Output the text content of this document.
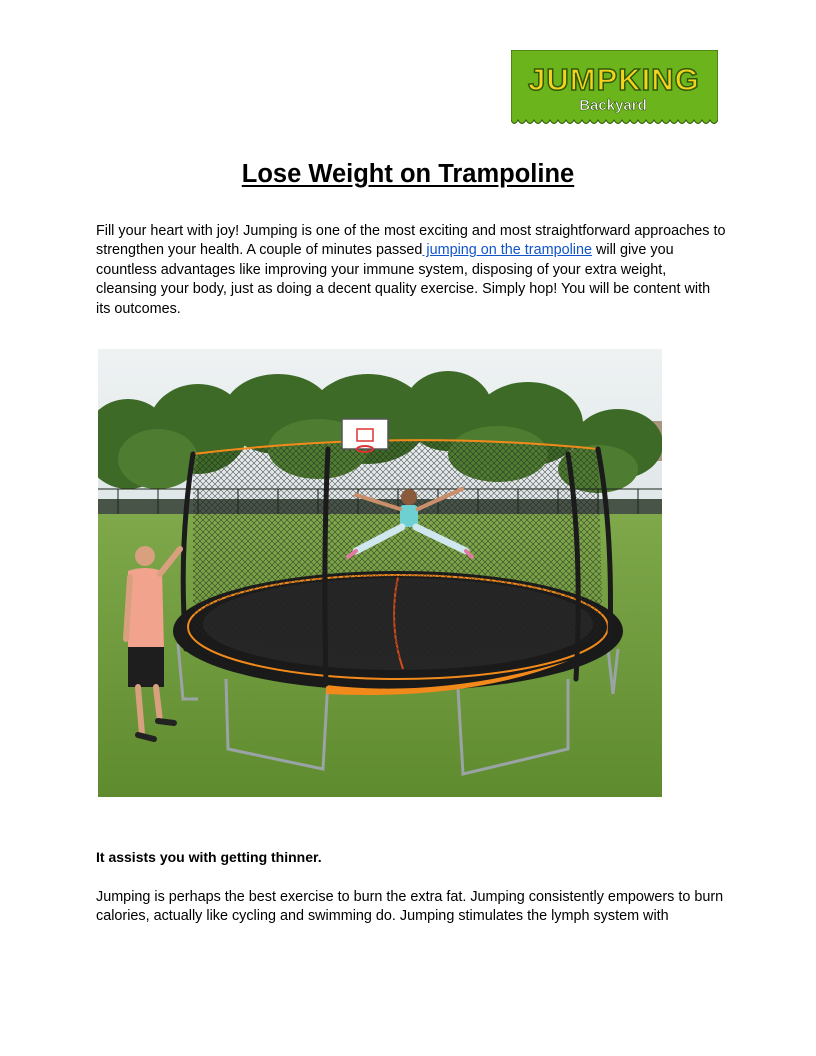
JUMPKING
Backyard
Lose Weight on Trampoline

Fill your heart with joy! Jumping is one of the most exciting and most straightforward approaches to strengthen your health. A couple of minutes passed jumping on the trampoline will give you countless advantages like improving your immune system, disposing of your extra weight, cleansing your body, just as doing a decent quality exercise. Simply hop! You will be content with its outcomes.

It assists you with getting thinner.

Jumping is perhaps the best exercise to burn the extra fat. Jumping consistently empowers to burn calories, actually like cycling and swimming do. Jumping stimulates the lymph system with
